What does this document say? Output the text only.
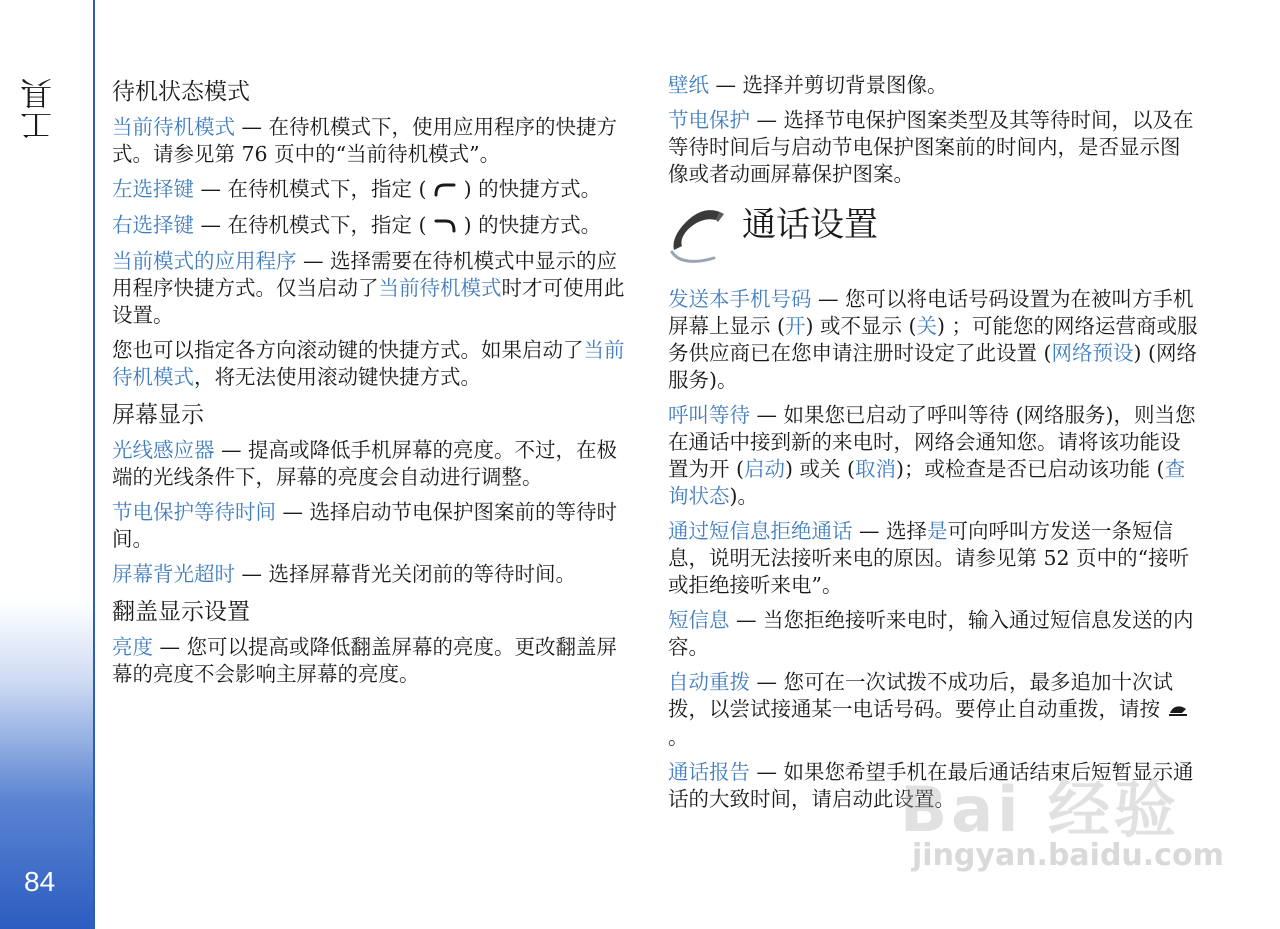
工具
84
待机状态模式

当前待机模式 — 在待机模式下，使用应用程序的快捷方式。请参见第 76 页中的“当前待机模式”。

左选择键 — 在待机模式下，指定 ( ) 的快捷方式。

右选择键 — 在待机模式下，指定 ( ) 的快捷方式。

当前模式的应用程序 — 选择需要在待机模式中显示的应用程序快捷方式。仅当启动了当前待机模式时才可使用此设置。

您也可以指定各方向滚动键的快捷方式。如果启动了当前待机模式，将无法使用滚动键快捷方式。

屏幕显示

光线感应器 — 提高或降低手机屏幕的亮度。不过，在极端的光线条件下，屏幕的亮度会自动进行调整。

节电保护等待时间 — 选择启动节电保护图案前的等待时间。

屏幕背光超时 — 选择屏幕背光关闭前的等待时间。

翻盖显示设置

亮度 — 您可以提高或降低翻盖屏幕的亮度。更改翻盖屏幕的亮度不会影响主屏幕的亮度。

壁纸 — 选择并剪切背景图像。

节电保护 — 选择节电保护图案类型及其等待时间，以及在等待时间后与启动节电保护图案前的时间内，是否显示图像或者动画屏幕保护图案。

通话设置

发送本手机号码 — 您可以将电话号码设置为在被叫方手机屏幕上显示 (开) 或不显示 (关) ；可能您的网络运营商或服务供应商已在您申请注册时设定了此设置 (网络预设) (网络服务)。

呼叫等待 — 如果您已启动了呼叫等待 (网络服务)，则当您在通话中接到新的来电时，网络会通知您。请将该功能设置为开 (启动) 或关 (取消)；或检查是否已启动该功能 (查询状态)。

通过短信息拒绝通话 — 选择是可向呼叫方发送一条短信息，说明无法接听来电的原因。请参见第 52 页中的“接听或拒绝接听来电”。

短信息 — 当您拒绝接听来电时，输入通过短信息发送的内容。

自动重拨 — 您可在一次试拨不成功后，最多追加十次试拨，以尝试接通某一电话号码。要停止自动重拨，请按  。

通话报告 — 如果您希望手机在最后通话结束后短暂显示通话的大致时间，请启动此设置。

Bai 经验
jingyan.baidu.com
